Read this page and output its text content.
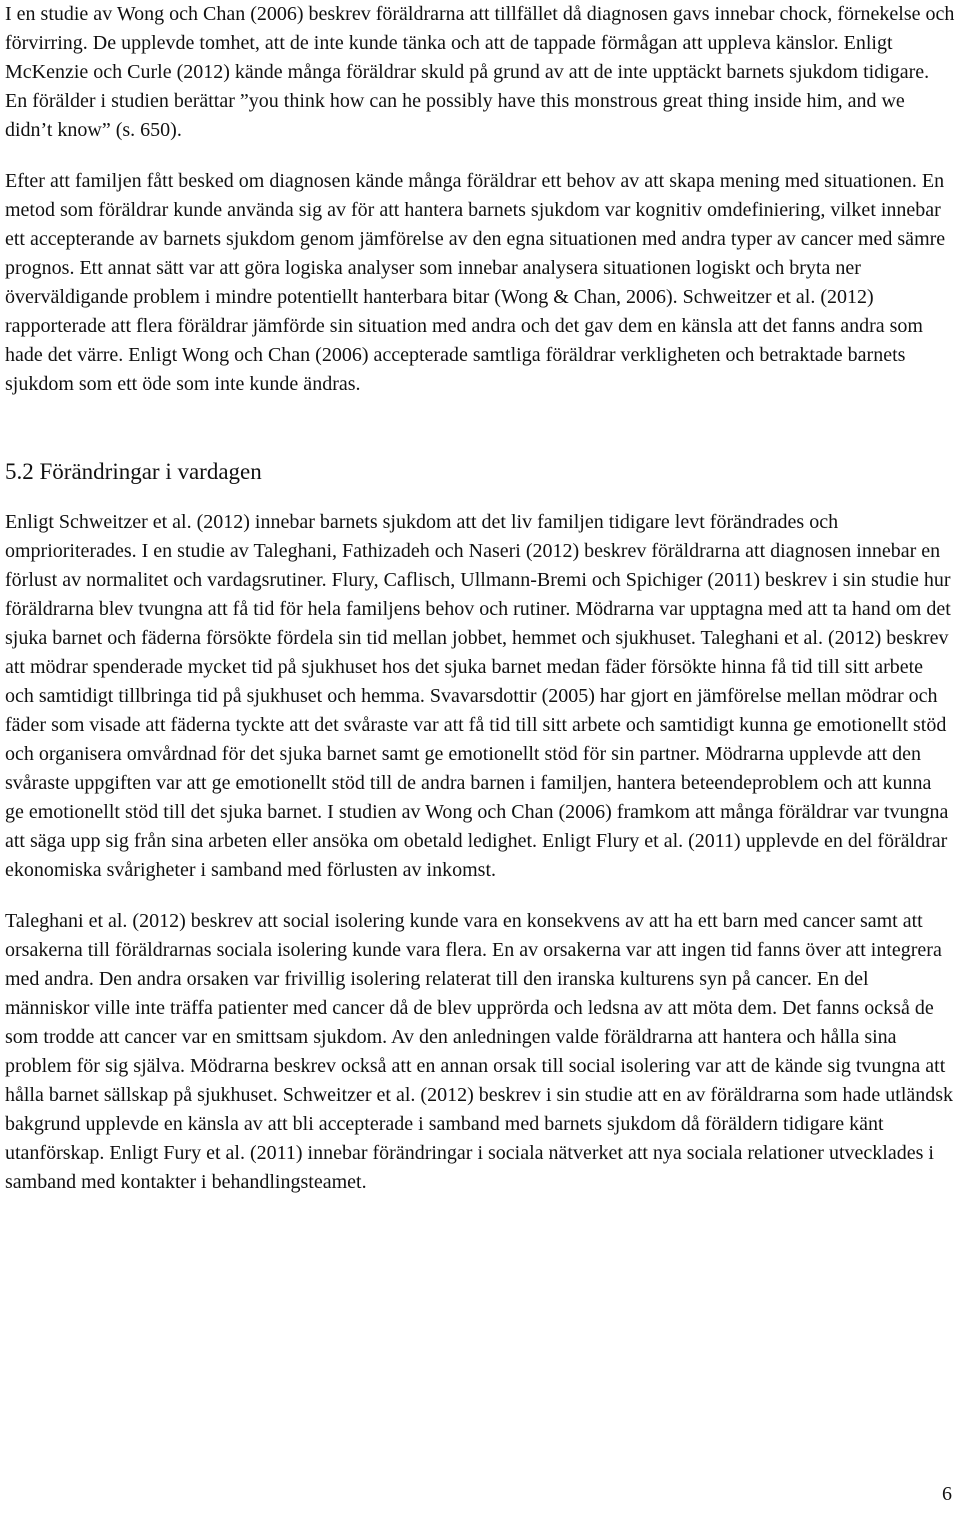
I en studie av Wong och Chan (2006) beskrev föräldrarna att tillfället då diagnosen gavs innebar chock, förnekelse och förvirring. De upplevde tomhet, att de inte kunde tänka och att de tappade förmågan att uppleva känslor. Enligt McKenzie och Curle (2012) kände många föräldrar skuld på grund av att de inte upptäckt barnets sjukdom tidigare. En förälder i studien berättar ”you think how can he possibly have this monstrous great thing inside him, and we didn’t know” (s. 650).

Efter att familjen fått besked om diagnosen kände många föräldrar ett behov av att skapa mening med situationen. En metod som föräldrar kunde använda sig av för att hantera barnets sjukdom var kognitiv omdefiniering, vilket innebar ett accepterande av barnets sjukdom genom jämförelse av den egna situationen med andra typer av cancer med sämre prognos. Ett annat sätt var att göra logiska analyser som innebar analysera situationen logiskt och bryta ner överväldigande problem i mindre potentiellt hanterbara bitar (Wong & Chan, 2006). Schweitzer et al. (2012) rapporterade att flera föräldrar jämförde sin situation med andra och det gav dem en känsla att det fanns andra som hade det värre. Enligt Wong och Chan (2006) accepterade samtliga föräldrar verkligheten och betraktade barnets sjukdom som ett öde som inte kunde ändras.

5.2 Förändringar i vardagen

Enligt Schweitzer et al. (2012) innebar barnets sjukdom att det liv familjen tidigare levt förändrades och omprioriterades. I en studie av Taleghani, Fathizadeh och Naseri (2012) beskrev föräldrarna att diagnosen innebar en förlust av normalitet och vardagsrutiner. Flury, Caflisch, Ullmann-Bremi och Spichiger (2011) beskrev i sin studie hur föräldrarna blev tvungna att få tid för hela familjens behov och rutiner. Mödrarna var upptagna med att ta hand om det sjuka barnet och fäderna försökte fördela sin tid mellan jobbet, hemmet och sjukhuset. Taleghani et al. (2012) beskrev att mödrar spenderade mycket tid på sjukhuset hos det sjuka barnet medan fäder försökte hinna få tid till sitt arbete och samtidigt tillbringa tid på sjukhuset och hemma. Svavarsdottir (2005) har gjort en jämförelse mellan mödrar och fäder som visade att fäderna tyckte att det svåraste var att få tid till sitt arbete och samtidigt kunna ge emotionellt stöd och organisera omvårdnad för det sjuka barnet samt ge emotionellt stöd för sin partner. Mödrarna upplevde att den svåraste uppgiften var att ge emotionellt stöd till de andra barnen i familjen, hantera beteendeproblem och att kunna ge emotionellt stöd till det sjuka barnet. I studien av Wong och Chan (2006) framkom att många föräldrar var tvungna att säga upp sig från sina arbeten eller ansöka om obetald ledighet. Enligt Flury et al. (2011) upplevde en del föräldrar ekonomiska svårigheter i samband med förlusten av inkomst.

Taleghani et al. (2012) beskrev att social isolering kunde vara en konsekvens av att ha ett barn med cancer samt att orsakerna till föräldrarnas sociala isolering kunde vara flera. En av orsakerna var att ingen tid fanns över att integrera med andra. Den andra orsaken var frivillig isolering relaterat till den iranska kulturens syn på cancer. En del människor ville inte träffa patienter med cancer då de blev upprörda och ledsna av att möta dem. Det fanns också de som trodde att cancer var en smittsam sjukdom. Av den anledningen valde föräldrarna att hantera och hålla sina problem för sig själva. Mödrarna beskrev också att en annan orsak till social isolering var att de kände sig tvungna att hålla barnet sällskap på sjukhuset. Schweitzer et al. (2012) beskrev i sin studie att en av föräldrarna som hade utländsk bakgrund upplevde en känsla av att bli accepterade i samband med barnets sjukdom då föräldern tidigare känt utanförskap. Enligt Fury et al. (2011) innebar förändringar i sociala nätverket att nya sociala relationer utvecklades i samband med kontakter i behandlingsteamet.

6
